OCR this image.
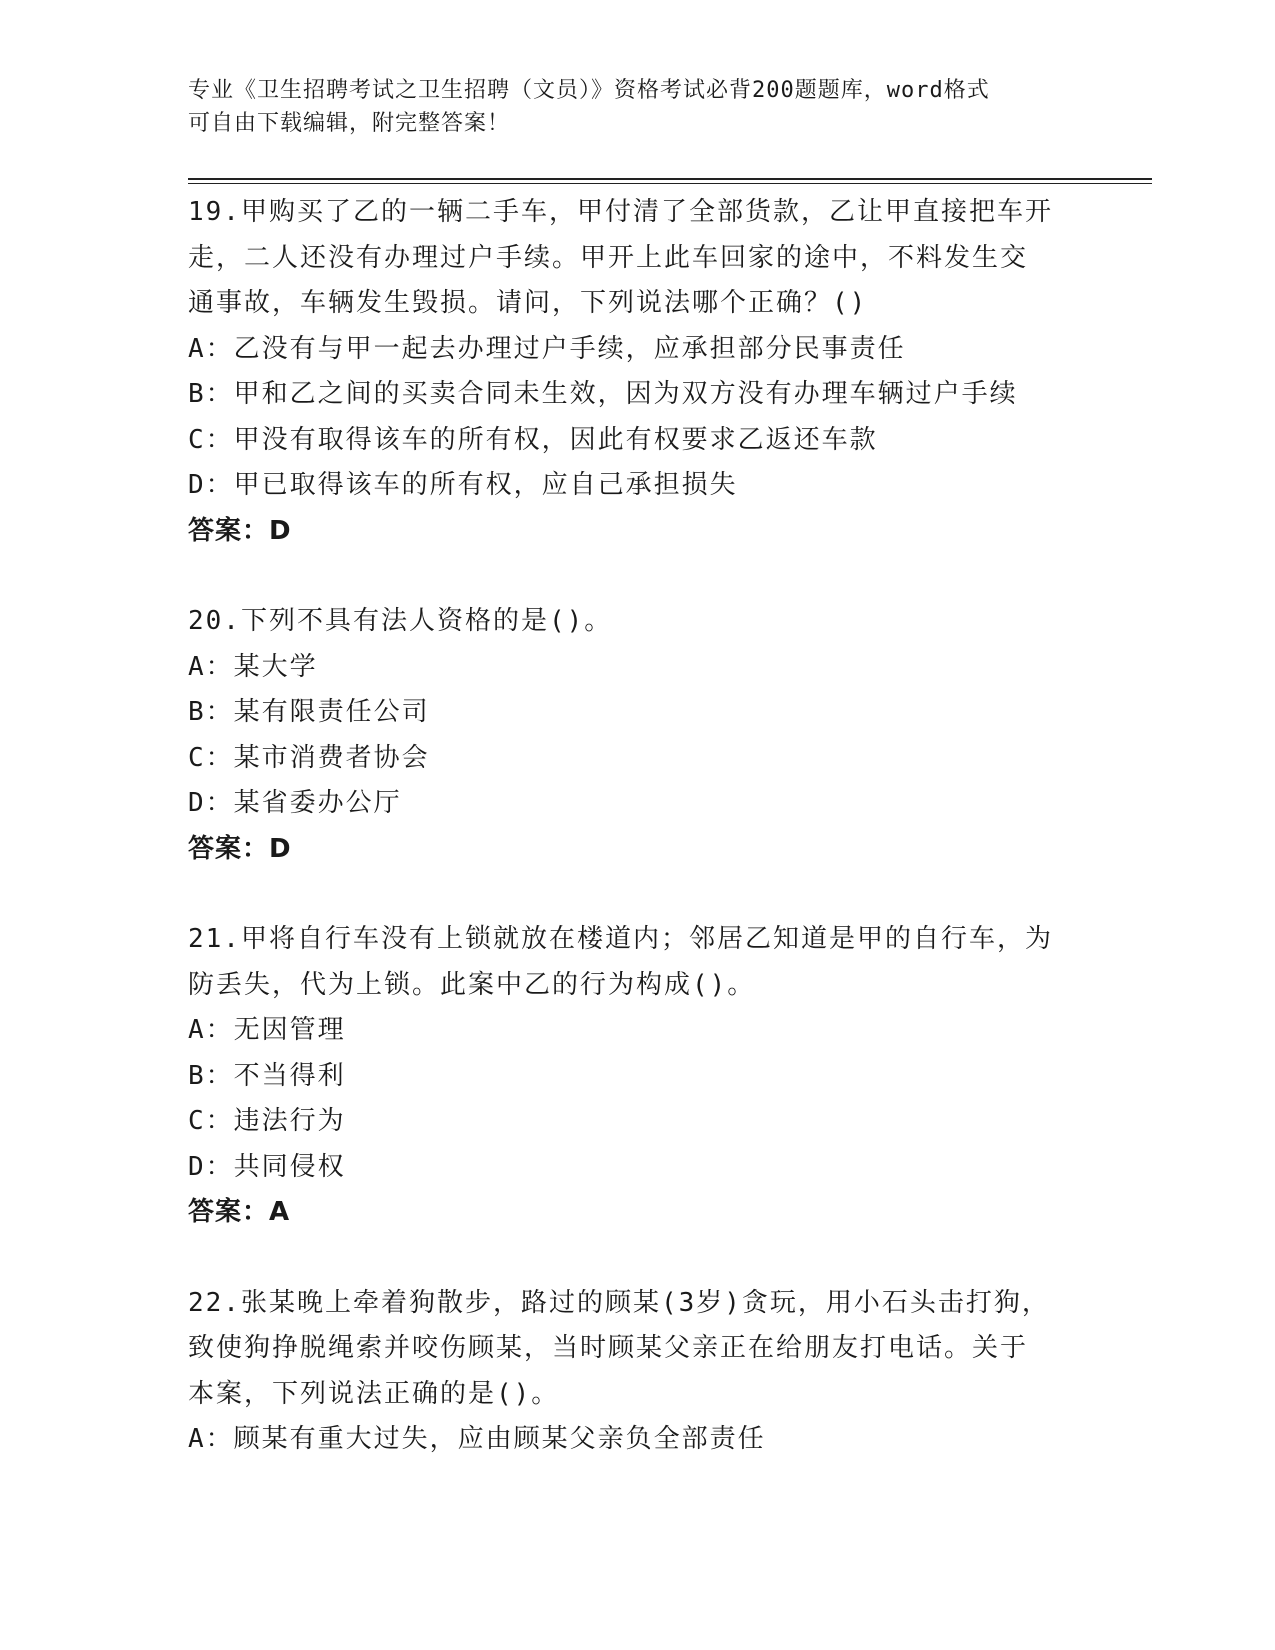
专业《卫生招聘考试之卫生招聘（文员）》资格考试必背200题题库，word格式
可自由下载编辑，附完整答案！
19.甲购买了乙的一辆二手车，甲付清了全部货款，乙让甲直接把车开
走，二人还没有办理过户手续。甲开上此车回家的途中，不料发生交
通事故，车辆发生毁损。请问，下列说法哪个正确？()
A：乙没有与甲一起去办理过户手续，应承担部分民事责任
B：甲和乙之间的买卖合同未生效，因为双方没有办理车辆过户手续
C：甲没有取得该车的所有权，因此有权要求乙返还车款
D：甲已取得该车的所有权，应自己承担损失
答案：D
20.下列不具有法人资格的是()。
A：某大学
B：某有限责任公司
C：某市消费者协会
D：某省委办公厅
答案：D
21.甲将自行车没有上锁就放在楼道内；邻居乙知道是甲的自行车，为
防丢失，代为上锁。此案中乙的行为构成()。
A：无因管理
B：不当得利
C：违法行为
D：共同侵权
答案：A
22.张某晚上牵着狗散步，路过的顾某(3岁)贪玩，用小石头击打狗，
致使狗挣脱绳索并咬伤顾某，当时顾某父亲正在给朋友打电话。关于
本案，下列说法正确的是()。
A：顾某有重大过失，应由顾某父亲负全部责任
